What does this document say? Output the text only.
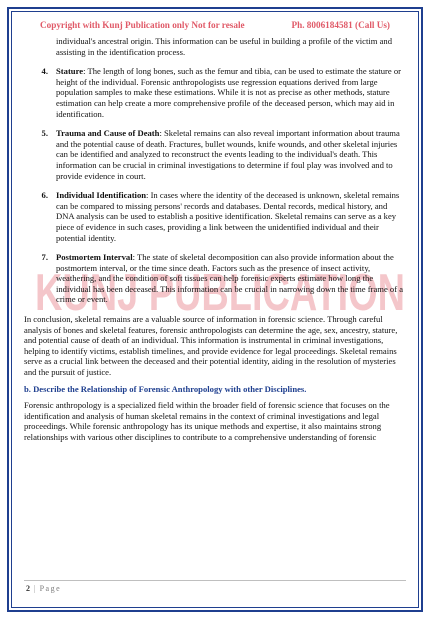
Copyright with Kunj Publication only Not for resale	Ph. 8006184581 (Call Us)
KUNJ PUBLICATION

individual's ancestral origin. This information can be useful in building a profile of the victim and assisting in the identification process.

4. Stature: The length of long bones, such as the femur and tibia, can be used to estimate the stature or height of the individual. Forensic anthropologists use regression equations derived from large population samples to make these estimations. While it is not as precise as other methods, stature estimation can help create a more comprehensive profile of the deceased person, which may aid in identification.

5. Trauma and Cause of Death: Skeletal remains can also reveal important information about trauma and the potential cause of death. Fractures, bullet wounds, knife wounds, and other skeletal injuries can be identified and analyzed to reconstruct the events leading to the individual's death. This information can be crucial in criminal investigations to determine if foul play was involved and to provide evidence in court.

6. Individual Identification: In cases where the identity of the deceased is unknown, skeletal remains can be compared to missing persons' records and databases. Dental records, medical history, and DNA analysis can be used to establish a positive identification. Skeletal remains can serve as a key piece of evidence in such cases, providing a link between the unidentified individual and their potential identity.

7. Postmortem Interval: The state of skeletal decomposition can also provide information about the postmortem interval, or the time since death. Factors such as the presence of insect activity, weathering, and the condition of soft tissues can help forensic experts estimate how long the individual has been deceased. This information can be crucial in narrowing down the time frame of a crime or event.

In conclusion, skeletal remains are a valuable source of information in forensic science. Through careful analysis of bones and skeletal features, forensic anthropologists can determine the age, sex, ancestry, stature, and potential cause of death of an individual. This information is instrumental in criminal investigations, helping to identify victims, establish timelines, and provide evidence for legal proceedings. Skeletal remains serve as a crucial link between the deceased and their potential identity, aiding in the resolution of mysteries and the pursuit of justice.

b. Describe the Relationship of Forensic Anthropology with other Disciplines.

Forensic anthropology is a specialized field within the broader field of forensic science that focuses on the identification and analysis of human skeletal remains in the context of criminal investigations and legal proceedings. While forensic anthropology has its unique methods and expertise, it also maintains strong relationships with various other disciplines to contribute to a comprehensive understanding of forensic

2 | Page
